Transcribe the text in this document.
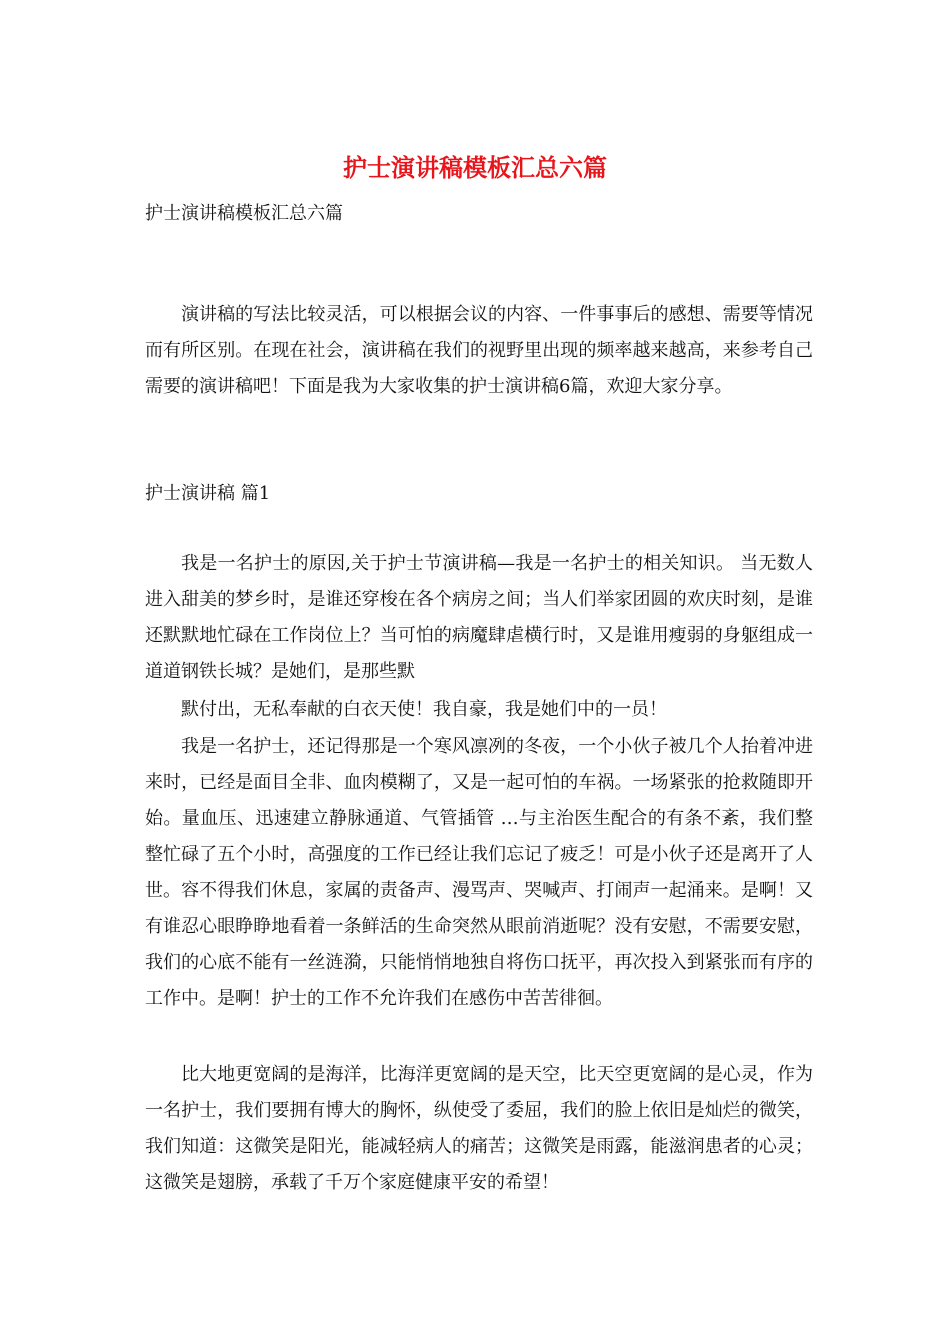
护士演讲稿模板汇总六篇
护士演讲稿模板汇总六篇

演讲稿的写法比较灵活，可以根据会议的内容、一件事事后的感想、需要等情况而有所区别。在现在社会，演讲稿在我们的视野里出现的频率越来越高，来参考自己需要的演讲稿吧！下面是我为大家收集的护士演讲稿6篇，欢迎大家分享。

护士演讲稿 篇1

我是一名护士的原因,关于护士节演讲稿—我是一名护士的相关知识。 当无数人进入甜美的梦乡时，是谁还穿梭在各个病房之间；当人们举家团圆的欢庆时刻，是谁还默默地忙碌在工作岗位上？当可怕的病魔肆虐横行时，又是谁用瘦弱的身躯组成一道道钢铁长城？是她们，是那些默

默付出，无私奉献的白衣天使！我自豪，我是她们中的一员！

我是一名护士，还记得那是一个寒风凛冽的冬夜，一个小伙子被几个人抬着冲进来时，已经是面目全非、血肉模糊了，又是一起可怕的车祸。一场紧张的抢救随即开始。量血压、迅速建立静脉通道、气管插管 …与主治医生配合的有条不紊，我们整整忙碌了五个小时，高强度的工作已经让我们忘记了疲乏！可是小伙子还是离开了人世。容不得我们休息，家属的责备声、漫骂声、哭喊声、打闹声一起涌来。是啊！又有谁忍心眼睁睁地看着一条鲜活的生命突然从眼前消逝呢？没有安慰，不需要安慰，我们的心底不能有一丝涟漪，只能悄悄地独自将伤口抚平，再次投入到紧张而有序的工作中。是啊！护士的工作不允许我们在感伤中苦苦徘徊。

比大地更宽阔的是海洋，比海洋更宽阔的是天空，比天空更宽阔的是心灵，作为一名护士，我们要拥有博大的胸怀，纵使受了委屈，我们的脸上依旧是灿烂的微笑，我们知道：这微笑是阳光，能减轻病人的痛苦；这微笑是雨露，能滋润患者的心灵；这微笑是翅膀，承载了千万个家庭健康平安的希望！
